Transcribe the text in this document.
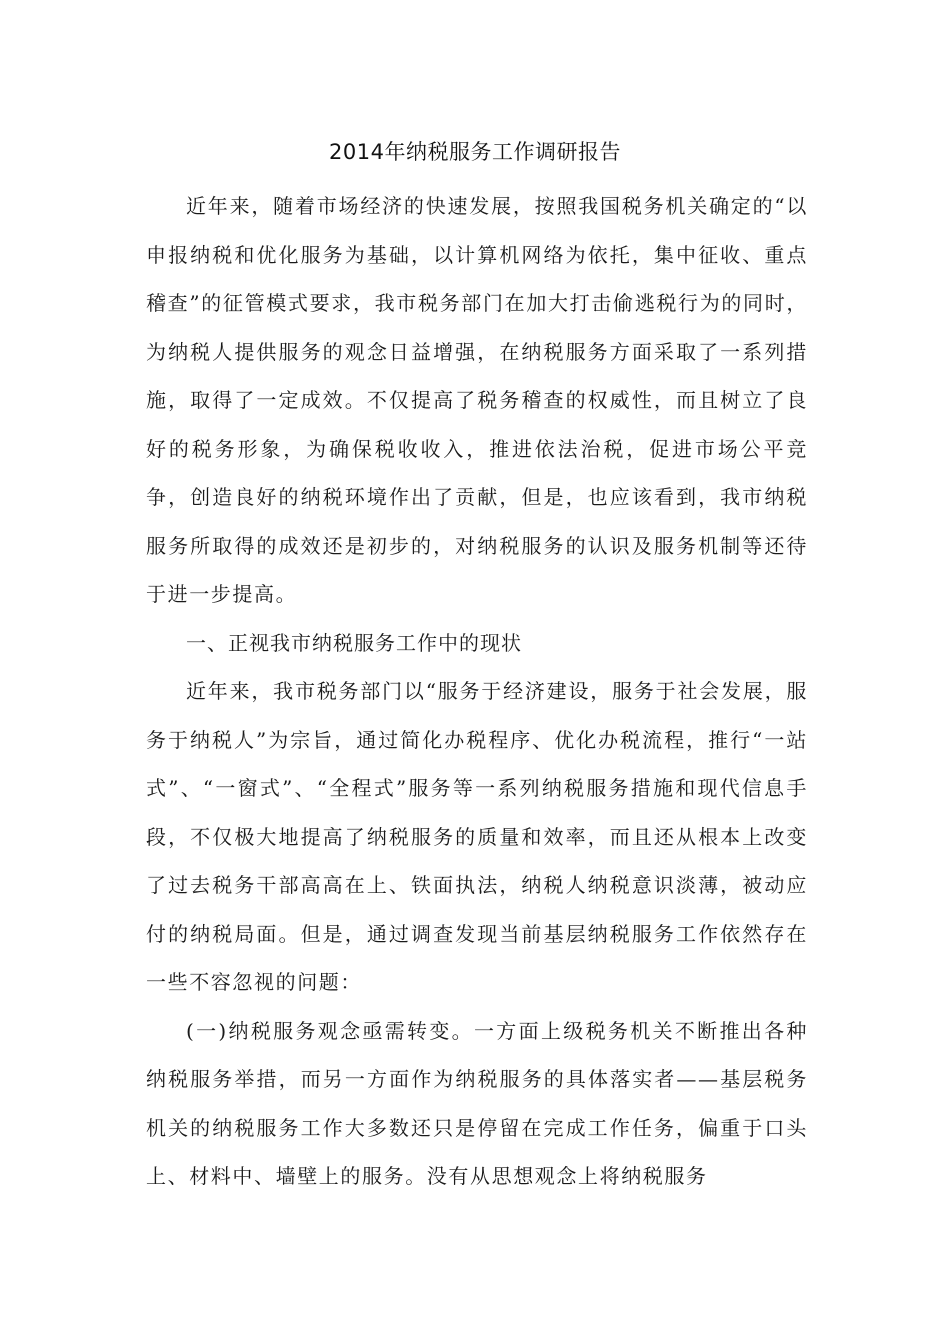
2014年纳税服务工作调研报告

近年来，随着市场经济的快速发展，按照我国税务机关确定的“以申报纳税和优化服务为基础，以计算机网络为依托，集中征收、重点稽查”的征管模式要求，我市税务部门在加大打击偷逃税行为的同时，为纳税人提供服务的观念日益增强，在纳税服务方面采取了一系列措施，取得了一定成效。不仅提高了税务稽查的权威性，而且树立了良好的税务形象，为确保税收收入，推进依法治税，促进市场公平竞争，创造良好的纳税环境作出了贡献，但是，也应该看到，我市纳税服务所取得的成效还是初步的，对纳税服务的认识及服务机制等还待于进一步提高。

一、正视我市纳税服务工作中的现状

近年来，我市税务部门以“服务于经济建设，服务于社会发展，服务于纳税人”为宗旨，通过简化办税程序、优化办税流程，推行“一站式”、“一窗式”、“全程式”服务等一系列纳税服务措施和现代信息手段，不仅极大地提高了纳税服务的质量和效率，而且还从根本上改变了过去税务干部高高在上、铁面执法，纳税人纳税意识淡薄，被动应付的纳税局面。但是，通过调查发现当前基层纳税服务工作依然存在一些不容忽视的问题：

(一)纳税服务观念亟需转变。一方面上级税务机关不断推出各种纳税服务举措，而另一方面作为纳税服务的具体落实者——基层税务机关的纳税服务工作大多数还只是停留在完成工作任务，偏重于口头上、材料中、墙壁上的服务。没有从思想观念上将纳税服务
